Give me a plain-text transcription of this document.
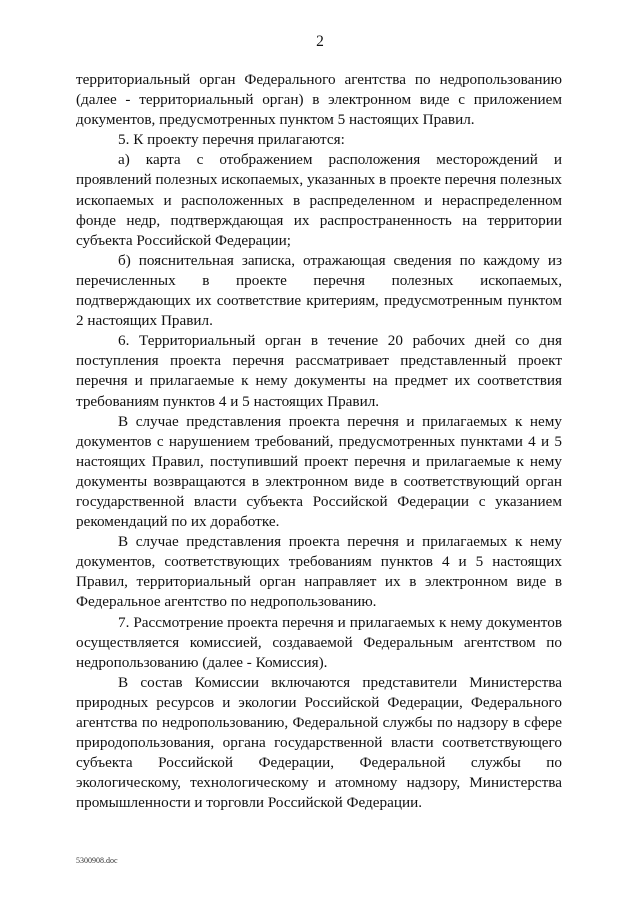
2

территориальный орган Федерального агентства по недропользованию (далее - территориальный орган) в электронном виде с приложением документов, предусмотренных пунктом 5 настоящих Правил.

5. К проекту перечня прилагаются:

а) карта с отображением расположения месторождений и проявлений полезных ископаемых, указанных в проекте перечня полезных ископаемых и расположенных в распределенном и нераспределенном фонде недр, подтверждающая их распространенность на территории субъекта Российской Федерации;

б) пояснительная записка, отражающая сведения по каждому из перечисленных в проекте перечня полезных ископаемых, подтверждающих их соответствие критериям, предусмотренным пунктом 2 настоящих Правил.

6. Территориальный орган в течение 20 рабочих дней со дня поступления проекта перечня рассматривает представленный проект перечня и прилагаемые к нему документы на предмет их соответствия требованиям пунктов 4 и 5 настоящих Правил.

В случае представления проекта перечня и прилагаемых к нему документов с нарушением требований, предусмотренных пунктами 4 и 5 настоящих Правил, поступивший проект перечня и прилагаемые к нему документы возвращаются в электронном виде в соответствующий орган государственной власти субъекта Российской Федерации с указанием рекомендаций по их доработке.

В случае представления проекта перечня и прилагаемых к нему документов, соответствующих требованиям пунктов 4 и 5 настоящих Правил, территориальный орган направляет их в электронном виде в Федеральное агентство по недропользованию.

7. Рассмотрение проекта перечня и прилагаемых к нему документов осуществляется комиссией, создаваемой Федеральным агентством по недропользованию (далее - Комиссия).

В состав Комиссии включаются представители Министерства природных ресурсов и экологии Российской Федерации, Федерального агентства по недропользованию, Федеральной службы по надзору в сфере природопользования, органа государственной власти соответствующего субъекта Российской Федерации, Федеральной службы по экологическому, технологическому и атомному надзору, Министерства промышленности и торговли Российской Федерации.

5300908.doc
